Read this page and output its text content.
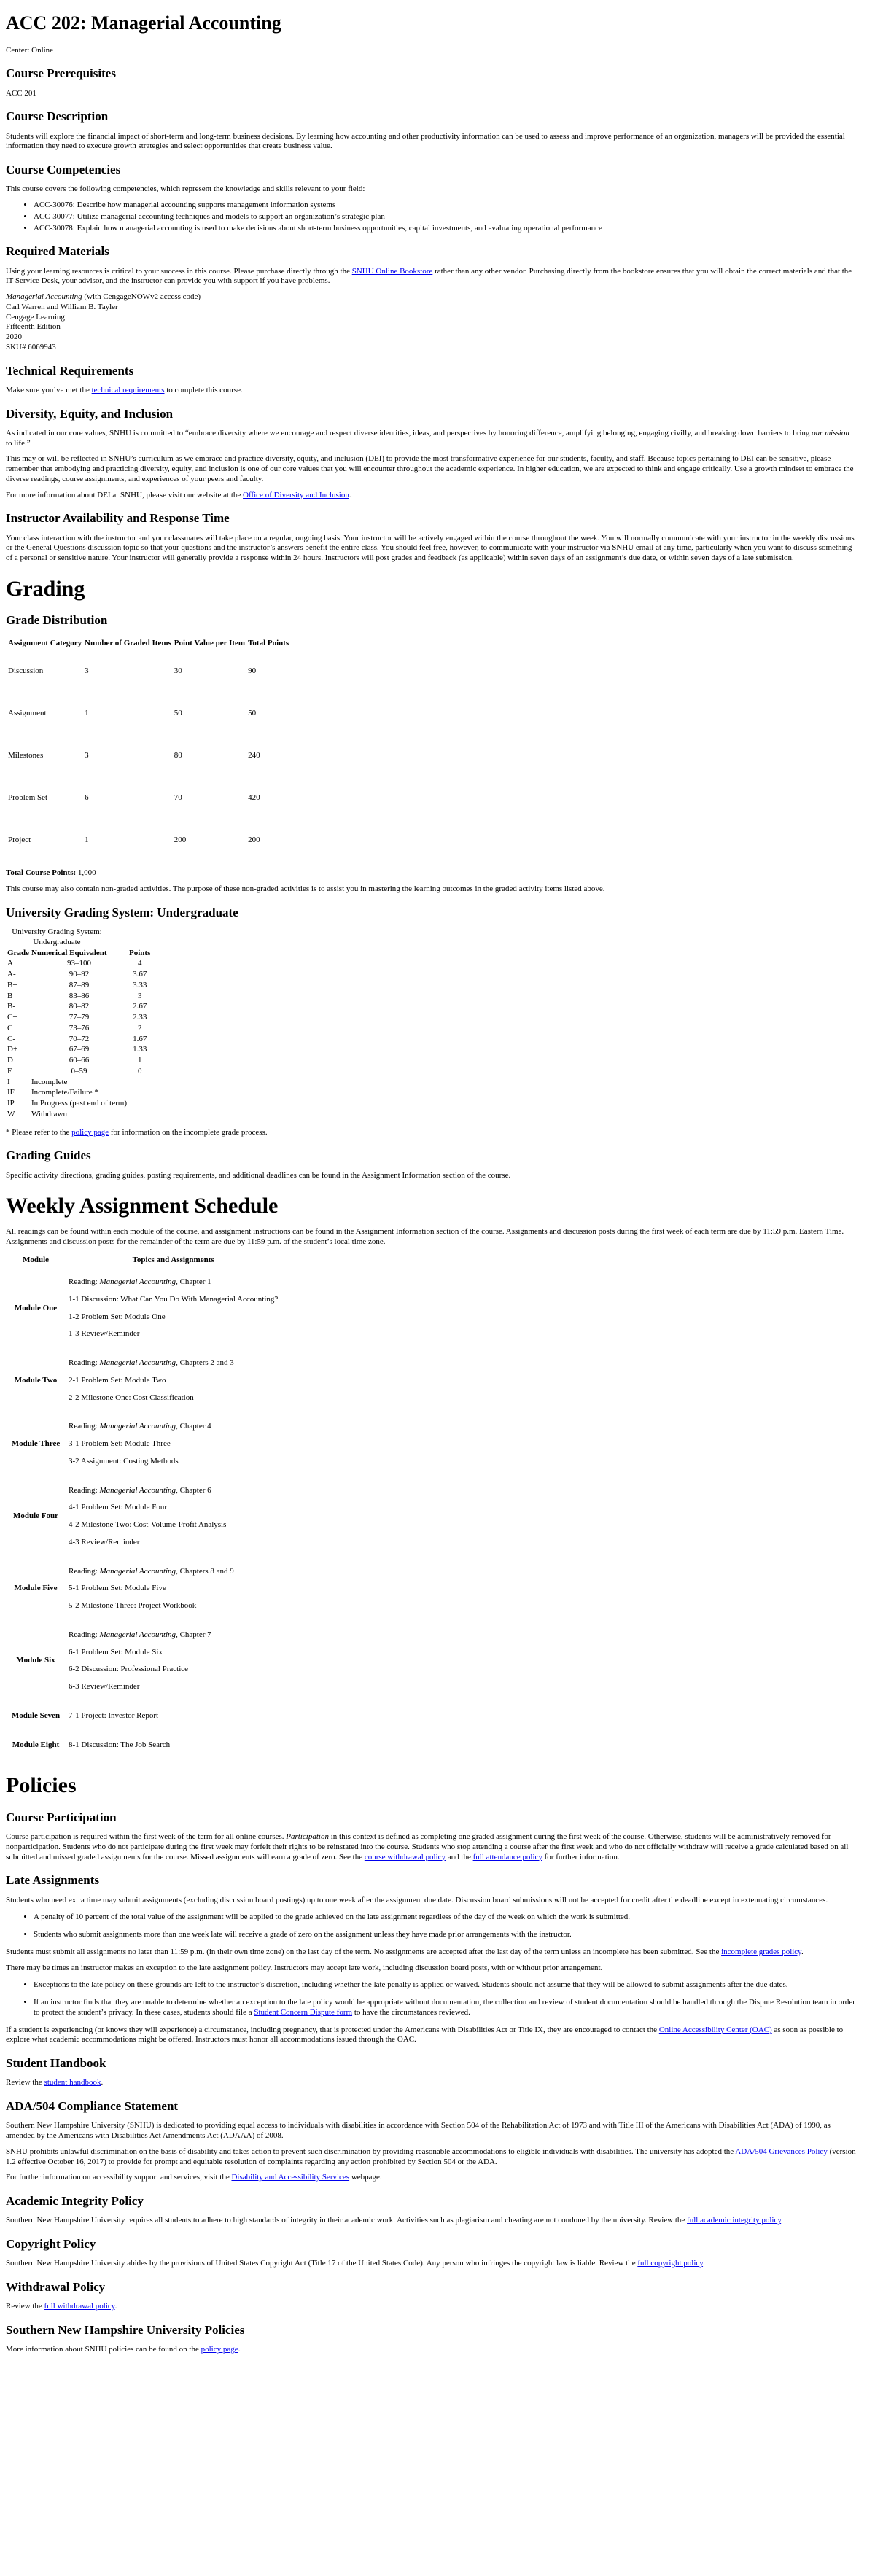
ACC 202: Managerial Accounting

Center: Online

Course Prerequisites

ACC 201

Course Description

Students will explore the financial impact of short-term and long-term business decisions. By learning how accounting and other productivity information can be used to assess and improve performance of an organization, managers will be provided the essential information they need to execute growth strategies and select opportunities that create business value.

Course Competencies

This course covers the following competencies, which represent the knowledge and skills relevant to your field:

• ACC-30076: Describe how managerial accounting supports management information systems
• ACC-30077: Utilize managerial accounting techniques and models to support an organization’s strategic plan
• ACC-30078: Explain how managerial accounting is used to make decisions about short-term business opportunities, capital investments, and evaluating operational performance
Required Materials

Using your learning resources is critical to your success in this course. Please purchase directly through the SNHU Online Bookstore rather than any other vendor. Purchasing directly from the bookstore ensures that you will obtain the correct materials and that the IT Service Desk, your advisor, and the instructor can provide you with support if you have problems.

Managerial Accounting (with CengageNOWv2 access code)
Carl Warren and William B. Tayler
Cengage Learning
Fifteenth Edition
2020
SKU# 6069943
Technical Requirements

Make sure you’ve met the technical requirements to complete this course.

Diversity, Equity, and Inclusion

As indicated in our core values, SNHU is committed to “embrace diversity where we encourage and respect diverse identities, ideas, and perspectives by honoring difference, amplifying belonging, engaging civilly, and breaking down barriers to bring our mission to life.”

This may or will be reflected in SNHU’s curriculum as we embrace and practice diversity, equity, and inclusion (DEI) to provide the most transformative experience for our students, faculty, and staff. Because topics pertaining to DEI can be sensitive, please remember that embodying and practicing diversity, equity, and inclusion is one of our core values that you will encounter throughout the academic experience. In higher education, we are expected to think and engage critically. Use a growth mindset to embrace the diverse readings, course assignments, and experiences of your peers and faculty.

For more information about DEI at SNHU, please visit our website at the Office of Diversity and Inclusion.

Instructor Availability and Response Time

Your class interaction with the instructor and your classmates will take place on a regular, ongoing basis. Your instructor will be actively engaged within the course throughout the week. You will normally communicate with your instructor in the weekly discussions or the General Questions discussion topic so that your questions and the instructor’s answers benefit the entire class. You should feel free, however, to communicate with your instructor via SNHU email at any time, particularly when you want to discuss something of a personal or sensitive nature. Your instructor will generally provide a response within 24 hours. Instructors will post grades and feedback (as applicable) within seven days of an assignment’s due date, or within seven days of a late submission.

Grading
Grade Distribution
Assignment Category	Number of Graded Items	Point Value per Item	Total Points
Discussion	3	30	90
Assignment	1	50	50
Milestones	3	80	240
Problem Set	6	70	420
Project	1	200	200

Total Course Points: 1,000

This course may also contain non-graded activities. The purpose of these non-graded activities is to assist you in mastering the learning outcomes in the graded activity items listed above.

University Grading System: Undergraduate
University Grading System: Undergraduate
Grade	Numerical Equivalent	Points
A	93–100	4
A-	90–92	3.67
B+	87–89	3.33
B	83–86	3
B-	80–82	2.67
C+	77–79	2.33
C	73–76	2
C-	70–72	1.67
D+	67–69	1.33
D	60–66	1
F	0–59	0
I	Incomplete	
IF	Incomplete/Failure *	
IP	In Progress (past end of term)	
W	Withdrawn	

* Please refer to the policy page for information on the incomplete grade process.

Grading Guides

Specific activity directions, grading guides, posting requirements, and additional deadlines can be found in the Assignment Information section of the course.

Weekly Assignment Schedule

All readings can be found within each module of the course, and assignment instructions can be found in the Assignment Information section of the course. Assignments and discussion posts during the first week of each term are due by 11:59 p.m. Eastern Time. Assignments and discussion posts for the remainder of the term are due by 11:59 p.m. of the student’s local time zone.

Module	Topics and Assignments
Module One	Reading: Managerial Accounting, Chapter 1

1-1 Discussion: What Can You Do With Managerial Accounting?

1-2 Problem Set: Module One

1-3 Review/Reminder

Module Two	Reading: Managerial Accounting, Chapters 2 and 3

2-1 Problem Set: Module Two

2-2 Milestone One: Cost Classification

Module Three	Reading: Managerial Accounting, Chapter 4

3-1 Problem Set: Module Three

3-2 Assignment: Costing Methods

Module Four	Reading: Managerial Accounting, Chapter 6

4-1 Problem Set: Module Four

4-2 Milestone Two: Cost-Volume-Profit Analysis

4-3 Review/Reminder

Module Five	Reading: Managerial Accounting, Chapters 8 and 9

5-1 Problem Set: Module Five

5-2 Milestone Three: Project Workbook

Module Six	Reading: Managerial Accounting, Chapter 7

6-1 Problem Set: Module Six

6-2 Discussion: Professional Practice

6-3 Review/Reminder

Module Seven	7-1 Project: Investor Report

Module Eight	8-1 Discussion: The Job Search

Policies
Course Participation

Course participation is required within the first week of the term for all online courses. Participation in this context is defined as completing one graded assignment during the first week of the course. Otherwise, students will be administratively removed for nonparticipation. Students who do not participate during the first week may forfeit their rights to be reinstated into the course. Students who stop attending a course after the first week and who do not officially withdraw will receive a grade calculated based on all submitted and missed graded assignments for the course. Missed assignments will earn a grade of zero. See the course withdrawal policy and the full attendance policy for further information.

Late Assignments

Students who need extra time may submit assignments (excluding discussion board postings) up to one week after the assignment due date. Discussion board submissions will not be accepted for credit after the deadline except in extenuating circumstances.

• A penalty of 10 percent of the total value of the assignment will be applied to the grade achieved on the late assignment regardless of the day of the week on which the work is submitted.
• Students who submit assignments more than one week late will receive a grade of zero on the assignment unless they have made prior arrangements with the instructor.

Students must submit all assignments no later than 11:59 p.m. (in their own time zone) on the last day of the term. No assignments are accepted after the last day of the term unless an incomplete has been submitted. See the incomplete grades policy.

There may be times an instructor makes an exception to the late assignment policy. Instructors may accept late work, including discussion board posts, with or without prior arrangement.

• Exceptions to the late policy on these grounds are left to the instructor’s discretion, including whether the late penalty is applied or waived. Students should not assume that they will be allowed to submit assignments after the due dates.
• If an instructor finds that they are unable to determine whether an exception to the late policy would be appropriate without documentation, the collection and review of student documentation should be handled through the Dispute Resolution team in order to protect the student’s privacy. In these cases, students should file a Student Concern Dispute form to have the circumstances reviewed.

If a student is experiencing (or knows they will experience) a circumstance, including pregnancy, that is protected under the Americans with Disabilities Act or Title IX, they are encouraged to contact the Online Accessibility Center (OAC) as soon as possible to explore what academic accommodations might be offered. Instructors must honor all accommodations issued through the OAC.

Student Handbook

Review the student handbook.

ADA/504 Compliance Statement

Southern New Hampshire University (SNHU) is dedicated to providing equal access to individuals with disabilities in accordance with Section 504 of the Rehabilitation Act of 1973 and with Title III of the Americans with Disabilities Act (ADA) of 1990, as amended by the Americans with Disabilities Act Amendments Act (ADAAA) of 2008.

SNHU prohibits unlawful discrimination on the basis of disability and takes action to prevent such discrimination by providing reasonable accommodations to eligible individuals with disabilities. The university has adopted the ADA/504 Grievances Policy (version 1.2 effective October 16, 2017) to provide for prompt and equitable resolution of complaints regarding any action prohibited by Section 504 or the ADA.

For further information on accessibility support and services, visit the Disability and Accessibility Services webpage.

Academic Integrity Policy

Southern New Hampshire University requires all students to adhere to high standards of integrity in their academic work. Activities such as plagiarism and cheating are not condoned by the university. Review the full academic integrity policy.

Copyright Policy

Southern New Hampshire University abides by the provisions of United States Copyright Act (Title 17 of the United States Code). Any person who infringes the copyright law is liable. Review the full copyright policy.

Withdrawal Policy

Review the full withdrawal policy.

Southern New Hampshire University Policies

More information about SNHU policies can be found on the policy page.
